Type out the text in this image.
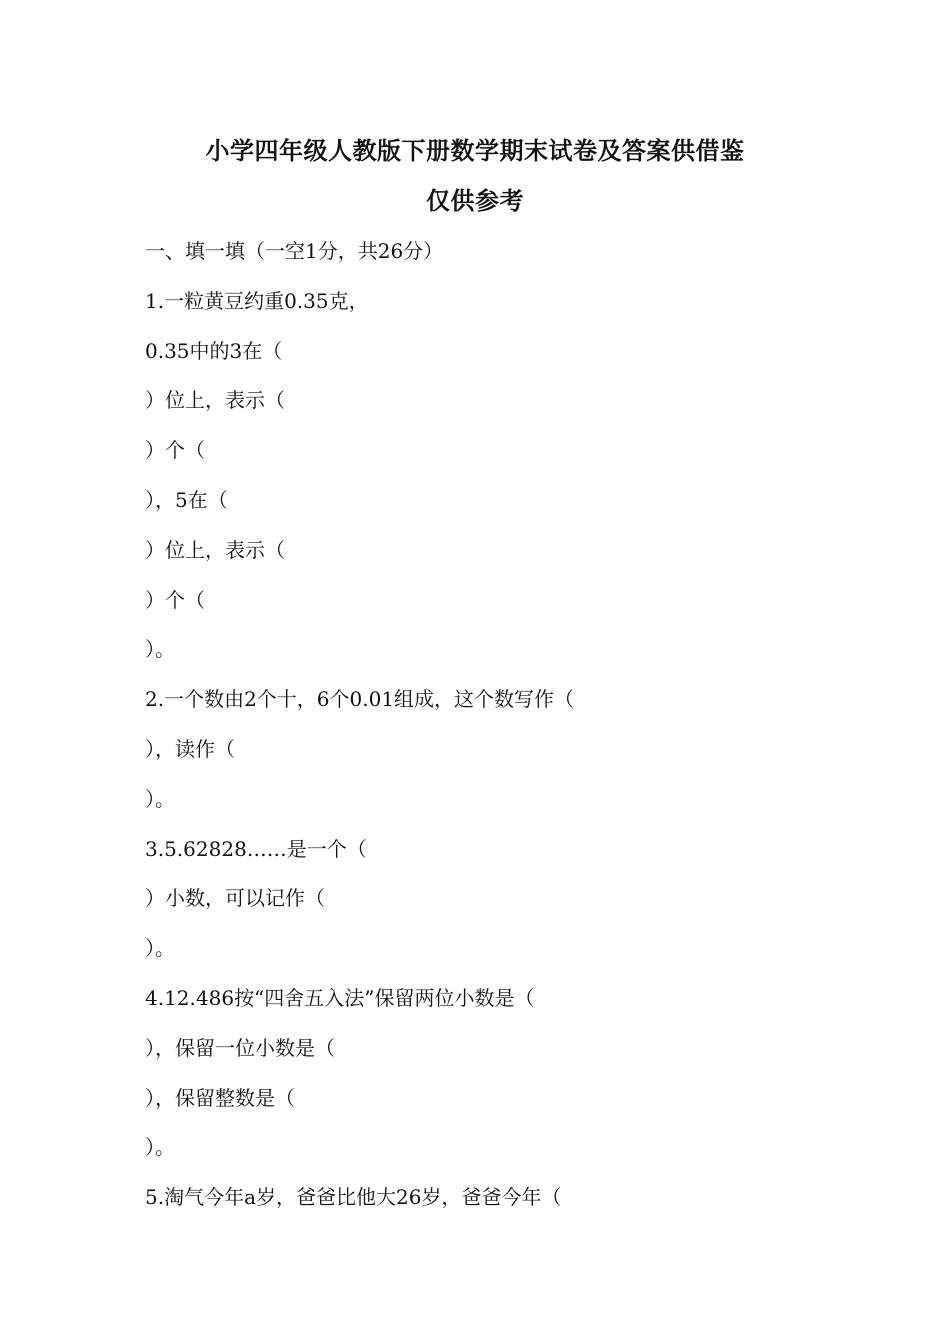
小学四年级人教版下册数学期末试卷及答案供借鉴
仅供参考
一、填一填（一空1分，共26分）
1.一粒黄豆约重0.35克，
0.35中的3在（
）位上，表示（
）个（
），5在（
）位上，表示（
）个（
）。
2.一个数由2个十，6个0.01组成，这个数写作（
），读作（
）。
3.5.62828……是一个（
）小数，可以记作（
）。
4.12.486按“四舍五入法”保留两位小数是（
），保留一位小数是（
），保留整数是（
）。
5.淘气今年a岁，爸爸比他大26岁，爸爸今年（
